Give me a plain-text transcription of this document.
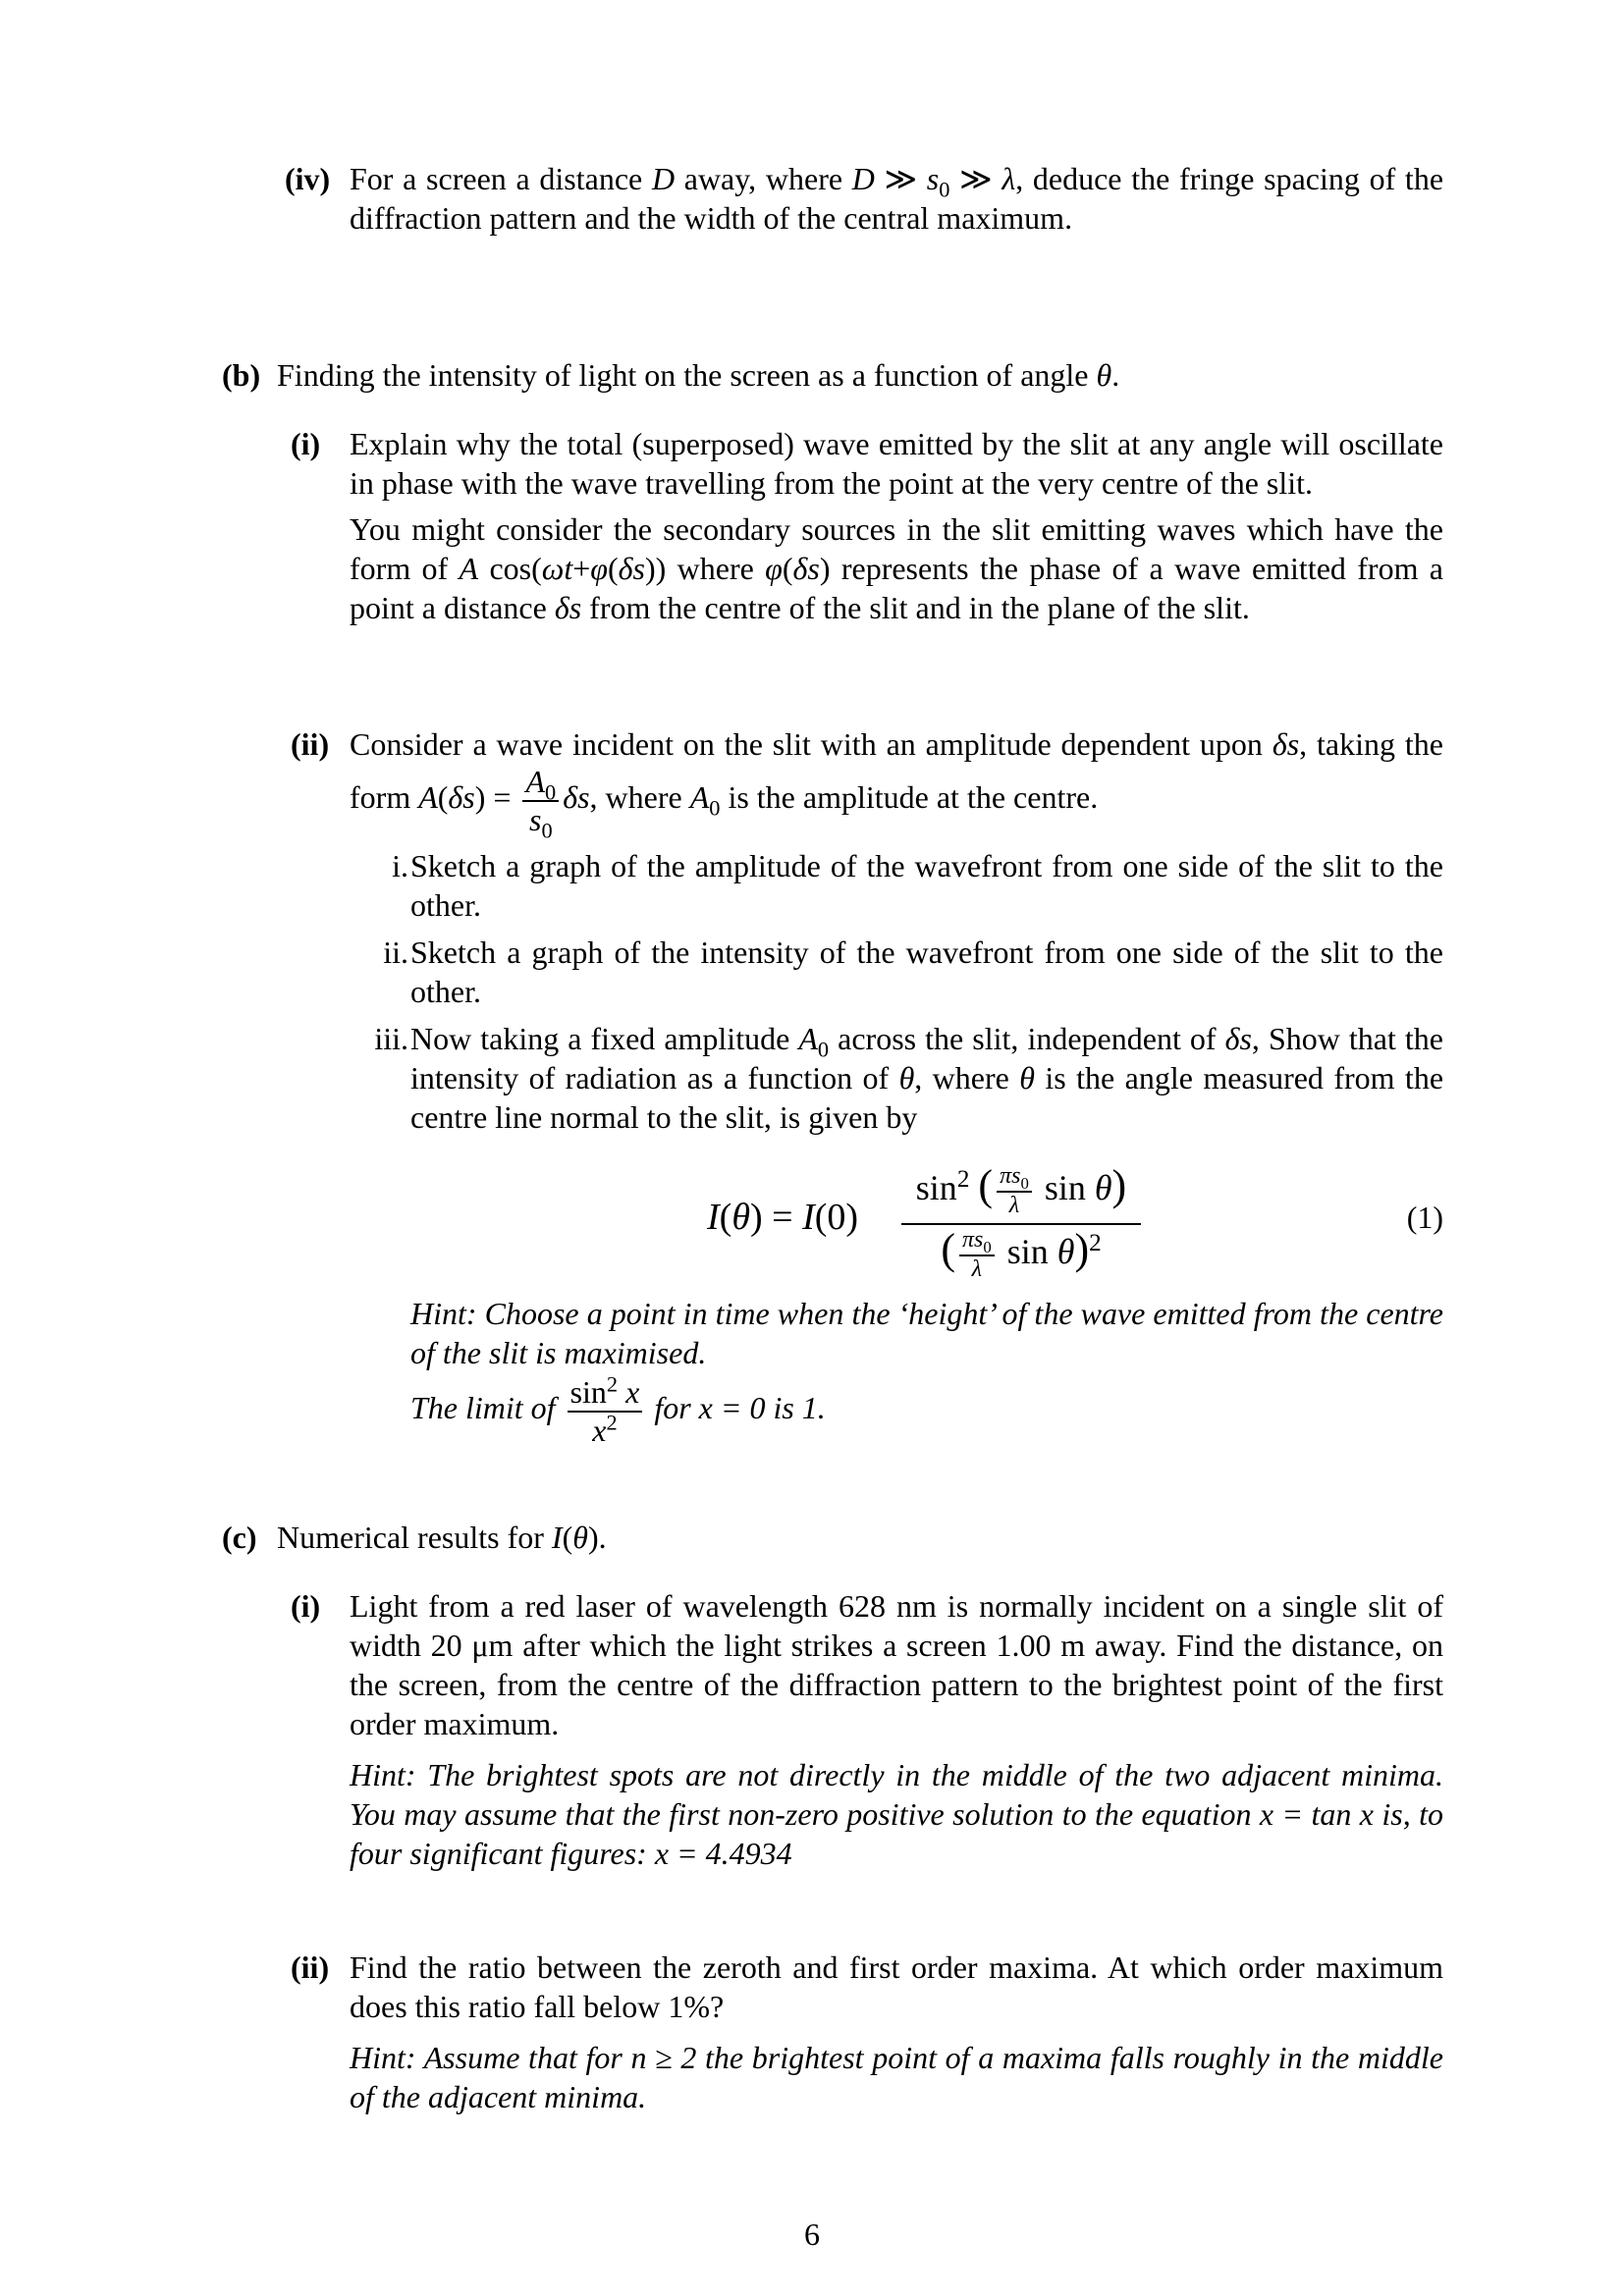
(iv) For a screen a distance D away, where D ≫ $s_0$ ≫ λ, deduce the fringe spacing of the diffraction pattern and the width of the central maximum.
(b) Finding the intensity of light on the screen as a function of angle θ.
(i) Explain why the total (superposed) wave emitted by the slit at any angle will oscillate in phase with the wave travelling from the point at the very centre of the slit.
You might consider the secondary sources in the slit emitting waves which have the form of A cos(ωt+φ(δs)) where φ(δs) represents the phase of a wave emitted from a point a distance δs from the centre of the slit and in the plane of the slit.
(ii) Consider a wave incident on the slit with an amplitude dependent upon δs, taking the form $A(\delta s) = \frac{A_0}{s_0} \delta s$, where $A_0$ is the amplitude at the centre.
i. Sketch a graph of the amplitude of the wavefront from one side of the slit to the other.
ii. Sketch a graph of the intensity of the wavefront from one side of the slit to the other.
iii. Now taking a fixed amplitude $A_0$ across the slit, independent of δs, Show that the intensity of radiation as a function of θ, where θ is the angle measured from the centre line normal to the slit, is given by
I(θ) = I(0)
$\sin^2$ ( $\frac{\pi s_0}{\lambda}$ sin θ)
( $\frac{\pi s_0}{\lambda}$ sin θ)$^2$
(1)
Hint: Choose a point in time when the ‘height’ of the wave emitted from the centre of the slit is maximised.
The limit of $\frac{\sin^2 x}{x^2}$ for x = 0 is 1.
(c) Numerical results for I(θ).
(i) Light from a red laser of wavelength 628 nm is normally incident on a single slit of width 20 μm after which the light strikes a screen 1.00 m away. Find the distance, on the screen, from the centre of the diffraction pattern to the brightest point of the first order maximum.
Hint: The brightest spots are not directly in the middle of the two adjacent minima. You may assume that the first non-zero positive solution to the equation x = tan x is, to four significant figures: x = 4.4934
(ii) Find the ratio between the zeroth and first order maxima. At which order maximum does this ratio fall below 1%?
Hint: Assume that for n ≥ 2 the brightest point of a maxima falls roughly in the middle of the adjacent minima.
6
